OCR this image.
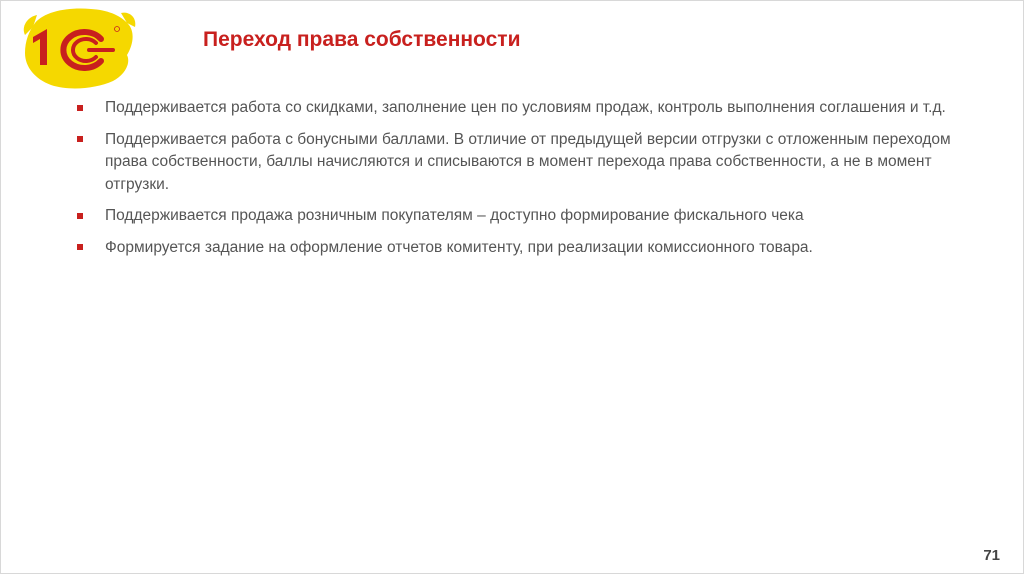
Переход права собственности
Поддерживается работа со скидками, заполнение цен по условиям продаж, контроль выполнения соглашения и т.д.
Поддерживается работа с бонусными баллами. В отличие от предыдущей версии отгрузки с отложенным переходом права собственности, баллы начисляются и списываются в момент перехода права собственности, а не в момент отгрузки.
Поддерживается продажа розничным покупателям – доступно формирование фискального чека
Формируется задание на оформление отчетов комитенту, при реализации комиссионного товара.
71
